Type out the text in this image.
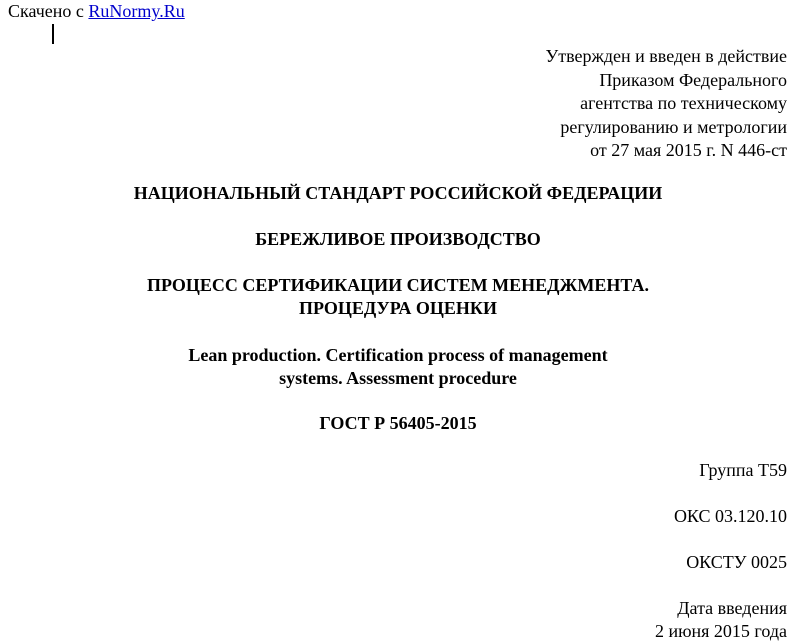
Скачено с RuNormy.Ru
Утвержден и введен в действие
Приказом Федерального
агентства по техническому
регулированию и метрологии
от 27 мая 2015 г. N 446-ст
НАЦИОНАЛЬНЫЙ СТАНДАРТ РОССИЙСКОЙ ФЕДЕРАЦИИ
БЕРЕЖЛИВОЕ ПРОИЗВОДСТВО
ПРОЦЕСС СЕРТИФИКАЦИИ СИСТЕМ МЕНЕДЖМЕНТА.
ПРОЦЕДУРА ОЦЕНКИ
Lean production. Certification process of management
systems. Assessment procedure
ГОСТ Р 56405-2015
Группа Т59
ОКС 03.120.10
ОКСТУ 0025
Дата введения
2 июня 2015 года
